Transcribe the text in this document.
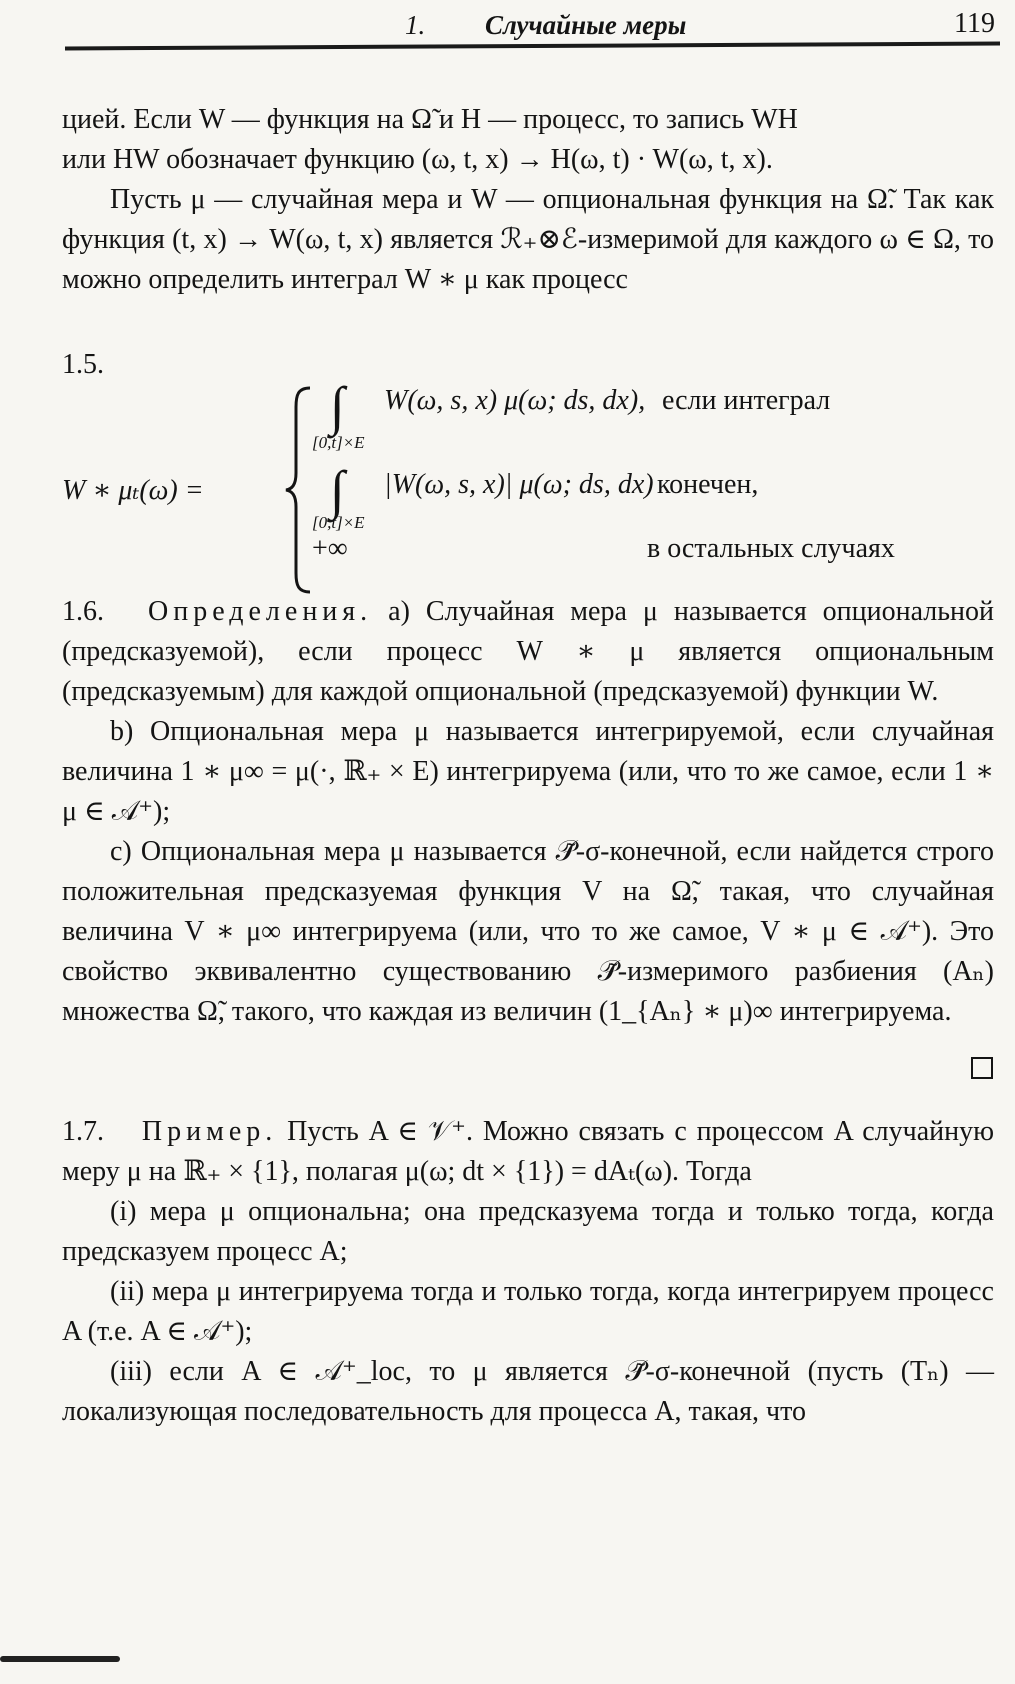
1. Случайные меры	119

цией. Если W — функция на Ω̃ и H — процесс, то запись WH

или HW обозначает функцию (ω, t, x) → H(ω, t) · W(ω, t, x).

Пусть μ — случайная мера и W — опциональная функция на Ω̃. Так как функция (t, x) → W(ω, t, x) является ℛ₊⊗ℰ-измеримой для каждого ω ∈ Ω, то можно определить интеграл W ∗ μ как процесс

1.5.

W ∗ μₜ(ω) =
∫
[0,t]×E
W(ω, s, x) μ(ω; ds, dx), если интеграл
∫
[0,t]×E
|W(ω, s, x)| μ(ω; ds, dx) конечен,
+∞	в остальных случаях

1.6. Определения. а) Случайная мера μ называется опциональной (предсказуемой), если процесс W ∗ μ является опциональным (предсказуемым) для каждой опциональной (предсказуемой) функции W.

b) Опциональная мера μ называется интегрируемой, если случайная величина 1 ∗ μ∞ = μ(·, ℝ₊ × E) интегрируема (или, что то же самое, если 1 ∗ μ ∈ 𝒜⁺);

с) Опциональная мера μ называется 𝒫̃-σ-конечной, если найдется строго положительная предсказуемая функция V на Ω̃, такая, что случайная величина V ∗ μ∞ интегрируема (или, что то же самое, V ∗ μ ∈ 𝒜⁺). Это свойство эквивалентно существованию 𝒫̃-измеримого разбиения (Aₙ) множества Ω̃, такого, что каждая из величин (1_{Aₙ} ∗ μ)∞ интегрируема.

1.7. Пример. Пусть A ∈ 𝒱⁺. Можно связать с процессом A случайную меру μ на ℝ₊ × {1}, полагая μ(ω; dt × {1}) = dAₜ(ω). Тогда

(i) мера μ опциональна; она предсказуема тогда и только тогда, когда предсказуем процесс A;

(ii) мера μ интегрируема тогда и только тогда, когда интегрируем процесс A (т.е. A ∈ 𝒜⁺);

(iii) если A ∈ 𝒜⁺_loc, то μ является 𝒫̃-σ-конечной (пусть (Tₙ) — локализующая последовательность для процесса A, такая, что
